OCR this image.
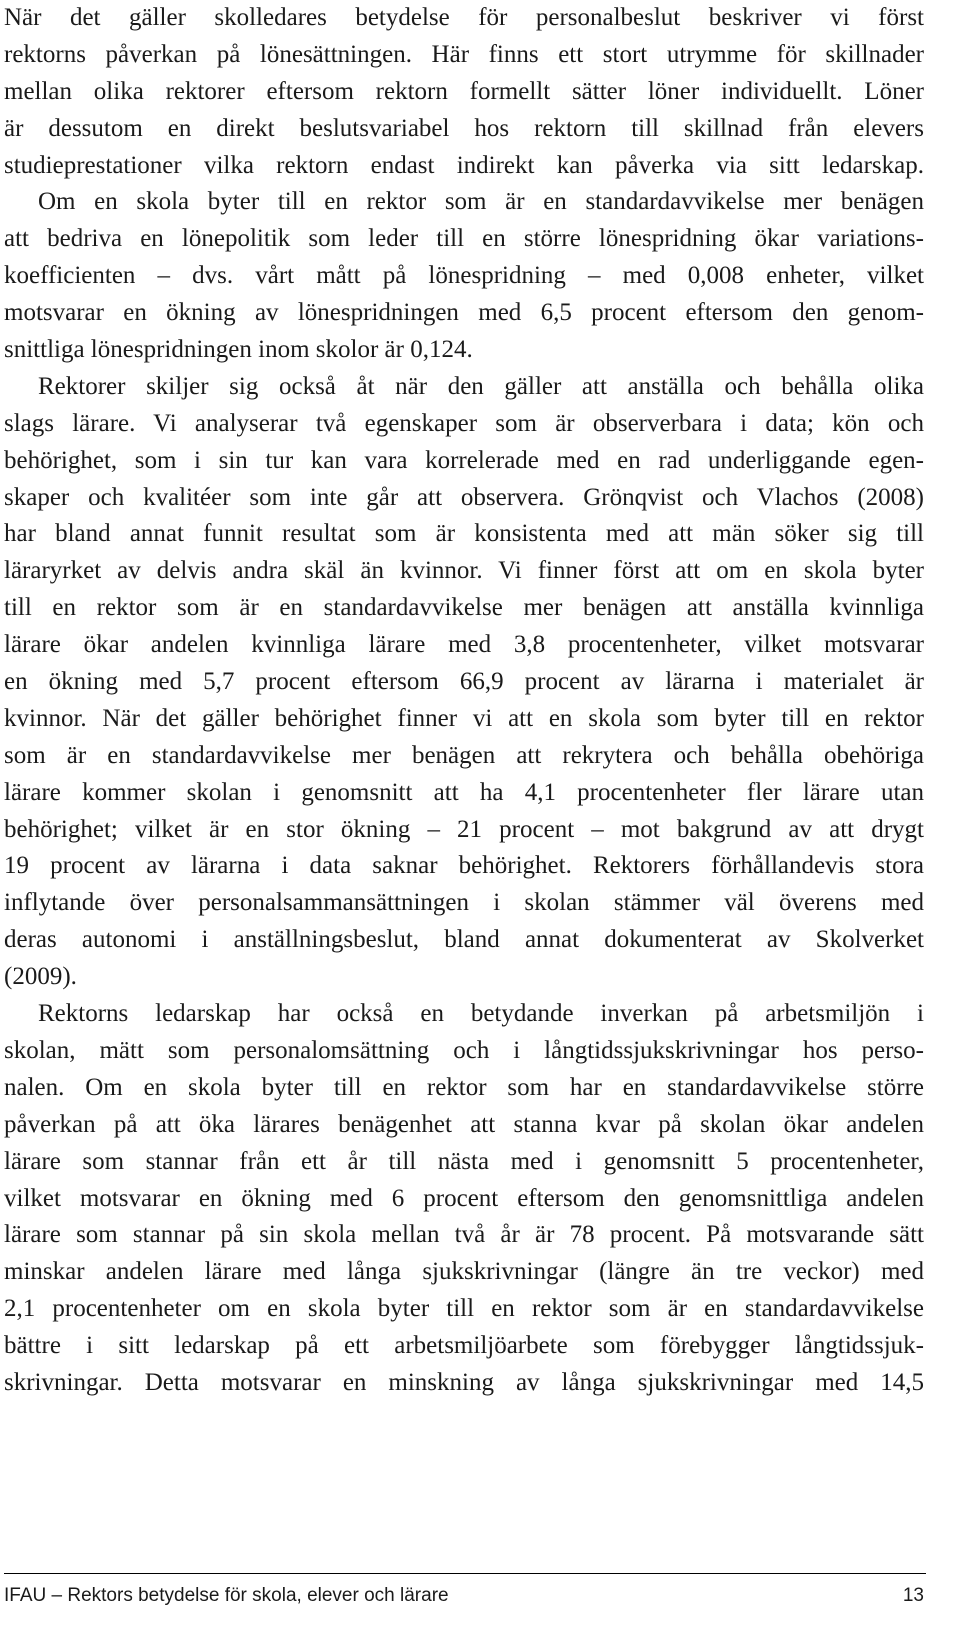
När det gäller skolledares betydelse för personalbeslut beskriver vi först
rektorns påverkan på lönesättningen. Här finns ett stort utrymme för skillnader
mellan olika rektorer eftersom rektorn formellt sätter löner individuellt. Löner
är dessutom en direkt beslutsvariabel hos rektorn till skillnad från elevers
studieprestationer vilka rektorn endast indirekt kan påverka via sitt ledarskap.
Om en skola byter till en rektor som är en standardavvikelse mer benägen
att bedriva en lönepolitik som leder till en större lönespridning ökar variations-
koefficienten – dvs. vårt mått på lönespridning – med 0,008 enheter, vilket
motsvarar en ökning av lönespridningen med 6,5 procent eftersom den genom-
snittliga lönespridningen inom skolor är 0,124.
Rektorer skiljer sig också åt när den gäller att anställa och behålla olika
slags lärare. Vi analyserar två egenskaper som är observerbara i data; kön och
behörighet, som i sin tur kan vara korrelerade med en rad underliggande egen-
skaper och kvalitéer som inte går att observera. Grönqvist och Vlachos (2008)
har bland annat funnit resultat som är konsistenta med att män söker sig till
läraryrket av delvis andra skäl än kvinnor. Vi finner först att om en skola byter
till en rektor som är en standardavvikelse mer benägen att anställa kvinnliga
lärare ökar andelen kvinnliga lärare med 3,8 procentenheter, vilket motsvarar
en ökning med 5,7 procent eftersom 66,9 procent av lärarna i materialet är
kvinnor. När det gäller behörighet finner vi att en skola som byter till en rektor
som är en standardavvikelse mer benägen att rekrytera och behålla obehöriga
lärare kommer skolan i genomsnitt att ha 4,1 procentenheter fler lärare utan
behörighet; vilket är en stor ökning – 21 procent – mot bakgrund av att drygt
19 procent av lärarna i data saknar behörighet. Rektorers förhållandevis stora
inflytande över personalsammansättningen i skolan stämmer väl överens med
deras autonomi i anställningsbeslut, bland annat dokumenterat av Skolverket
(2009).
Rektorns ledarskap har också en betydande inverkan på arbetsmiljön i
skolan, mätt som personalomsättning och i långtidssjukskrivningar hos perso-
nalen. Om en skola byter till en rektor som har en standardavvikelse större
påverkan på att öka lärares benägenhet att stanna kvar på skolan ökar andelen
lärare som stannar från ett år till nästa med i genomsnitt 5 procentenheter,
vilket motsvarar en ökning med 6 procent eftersom den genomsnittliga andelen
lärare som stannar på sin skola mellan två år är 78 procent. På motsvarande sätt
minskar andelen lärare med långa sjukskrivningar (längre än tre veckor) med
2,1 procentenheter om en skola byter till en rektor som är en standardavvikelse
bättre i sitt ledarskap på ett arbetsmiljöarbete som förebygger långtidssjuk-
skrivningar. Detta motsvarar en minskning av långa sjukskrivningar med 14,5
IFAU – Rektors betydelse för skola, elever och lärare	13
